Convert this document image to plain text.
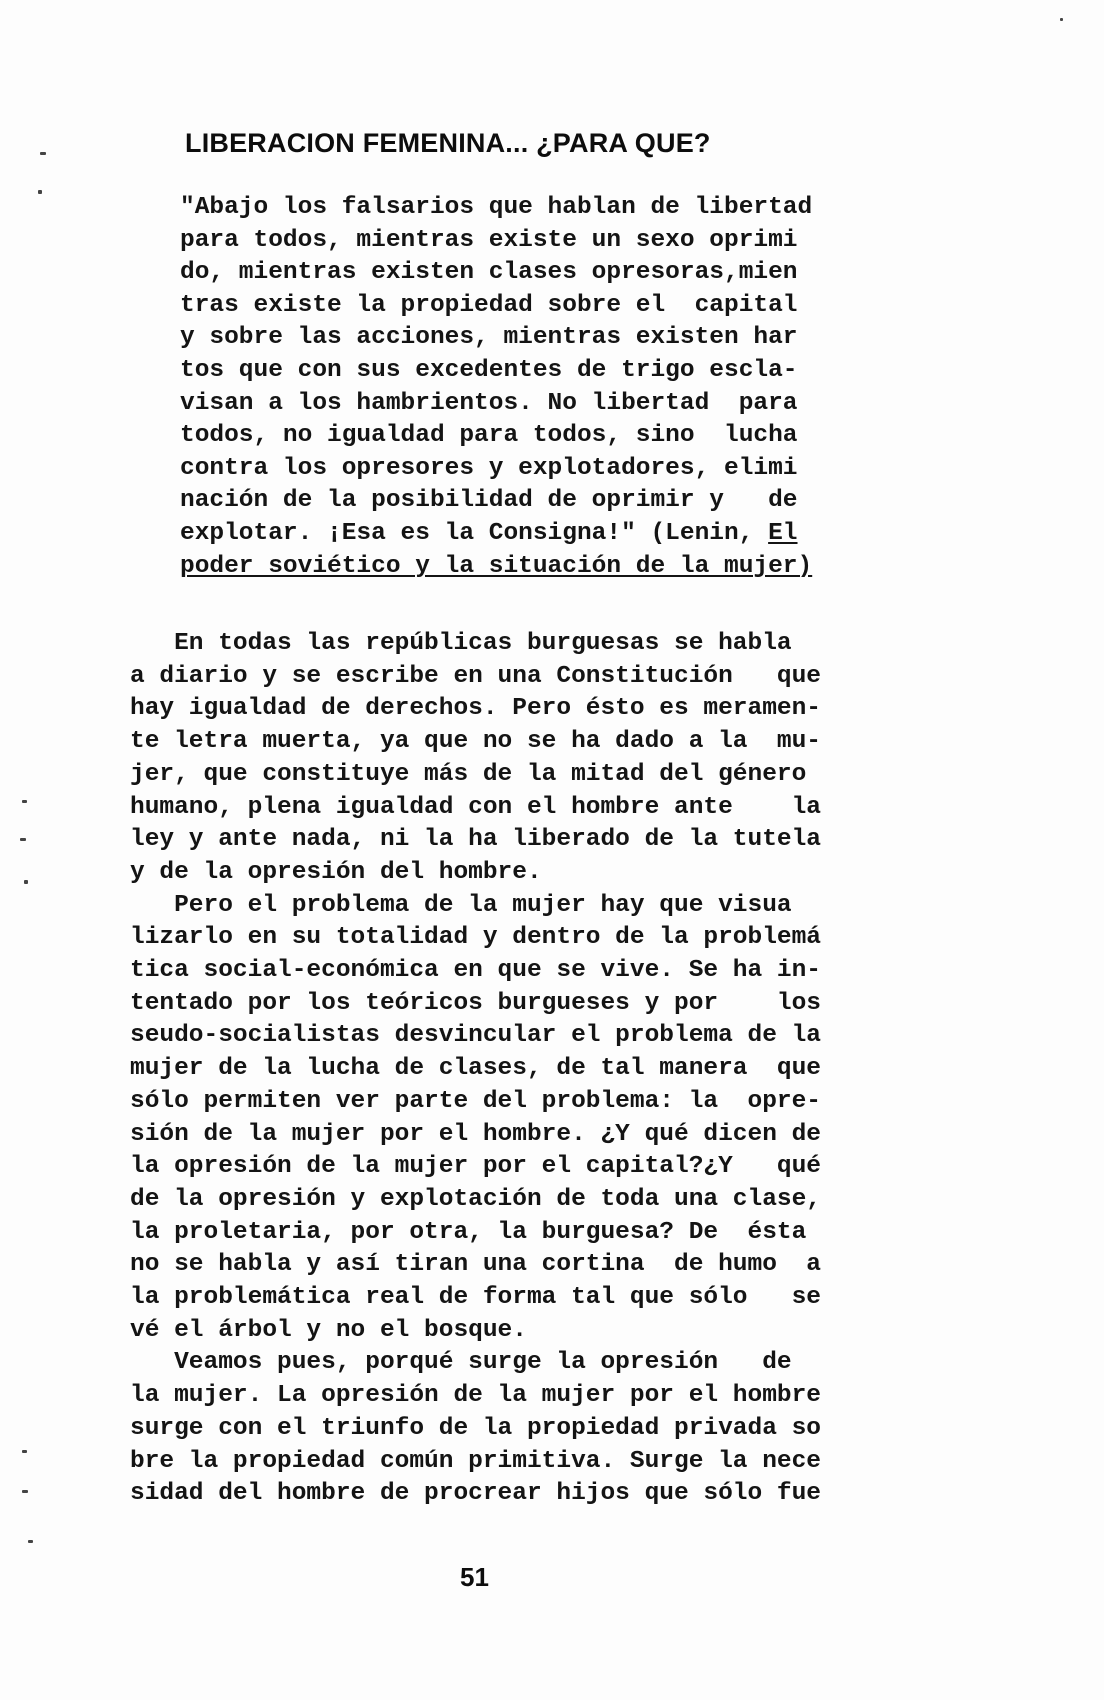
LIBERACION FEMENINA... ¿PARA QUE?
"Abajo los falsarios que hablan de libertad
para todos, mientras existe un sexo oprimi
do, mientras existen clases opresoras,mien
tras existe la propiedad sobre el  capital
y sobre las acciones, mientras existen har
tos que con sus excedentes de trigo escla-
visan a los hambrientos. No libertad  para
todos, no igualdad para todos, sino  lucha
contra los opresores y explotadores, elimi
nación de la posibilidad de oprimir y   de
explotar. ¡Esa es la Consigna!" (Lenin, El
poder soviético y la situación de la mujer)
En todas las repúblicas burguesas se habla
a diario y se escribe en una Constitución   que
hay igualdad de derechos. Pero ésto es meramen-
te letra muerta, ya que no se ha dado a la  mu-
jer, que constituye más de la mitad del género
humano, plena igualdad con el hombre ante    la
ley y ante nada, ni la ha liberado de la tutela
y de la opresión del hombre.
Pero el problema de la mujer hay que visua
lizarlo en su totalidad y dentro de la problemá
tica social-económica en que se vive. Se ha in-
tentado por los teóricos burgueses y por    los
seudo-socialistas desvincular el problema de la
mujer de la lucha de clases, de tal manera  que
sólo permiten ver parte del problema: la  opre-
sión de la mujer por el hombre. ¿Y qué dicen de
la opresión de la mujer por el capital?¿Y   qué
de la opresión y explotación de toda una clase,
la proletaria, por otra, la burguesa? De  ésta
no se habla y así tiran una cortina  de humo  a
la problemática real de forma tal que sólo   se
vé el árbol y no el bosque.
Veamos pues, porqué surge la opresión   de
la mujer. La opresión de la mujer por el hombre
surge con el triunfo de la propiedad privada so
bre la propiedad común primitiva. Surge la nece
sidad del hombre de procrear hijos que sólo fue
51
